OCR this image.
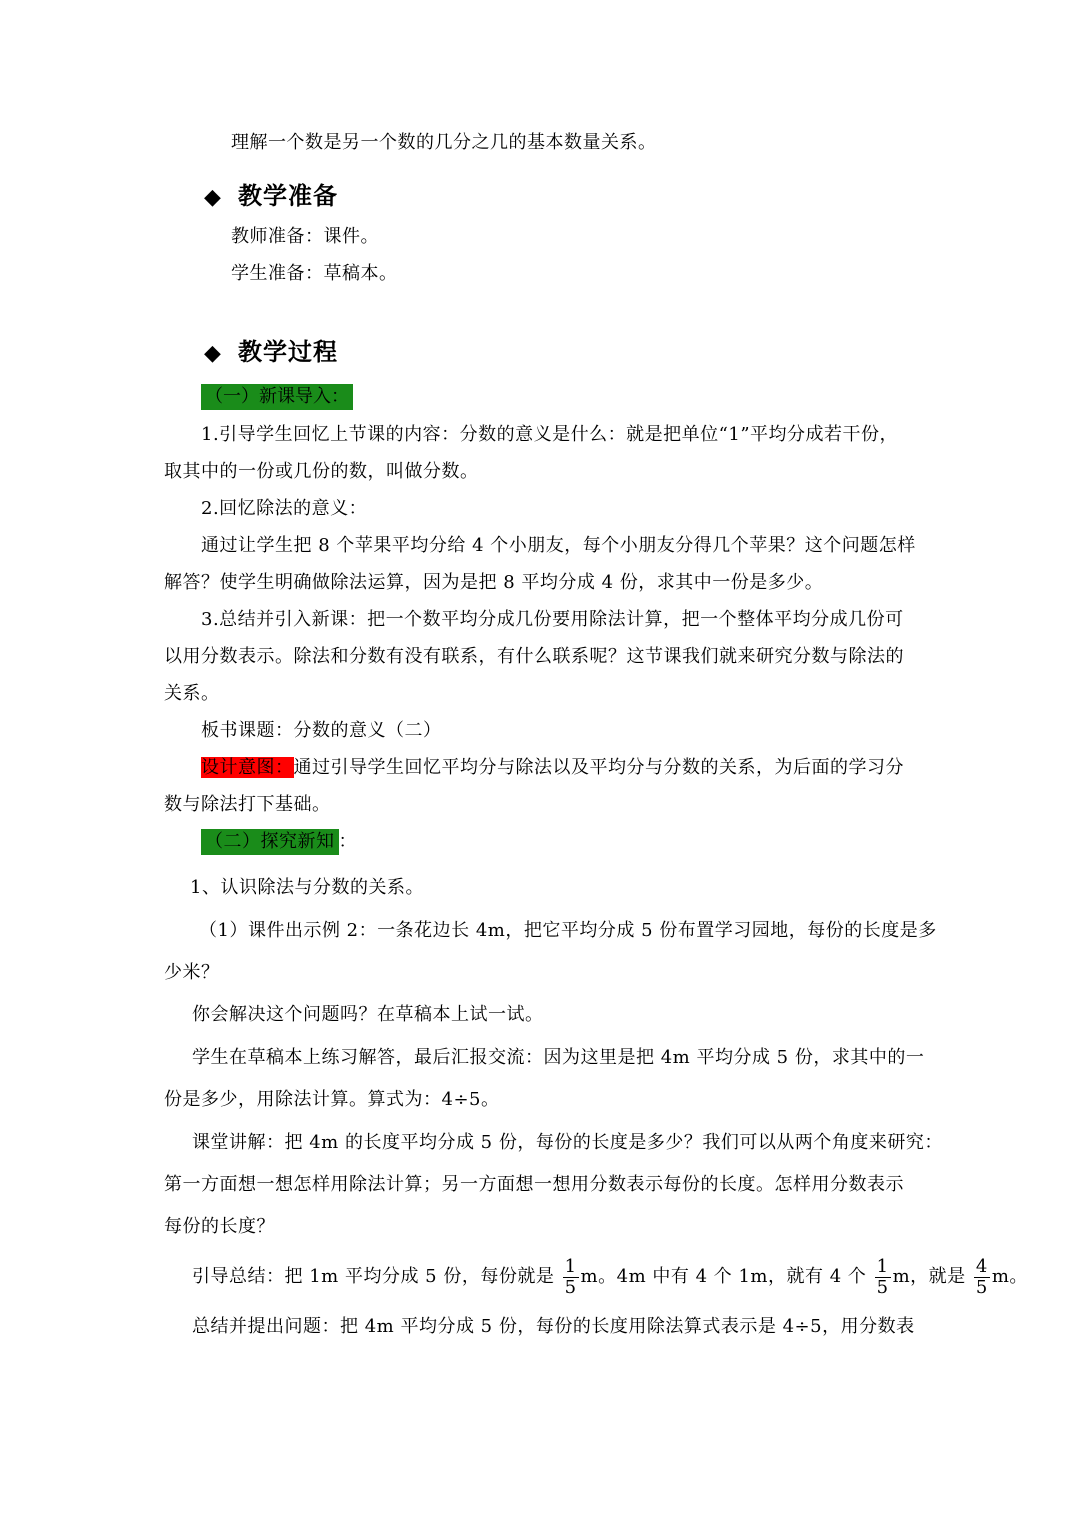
理解一个数是另一个数的几分之几的基本数量关系。
◆ 教学准备
教师准备：课件。
学生准备：草稿本。
◆ 教学过程
（一）新课导入：
1.引导学生回忆上节课的内容：分数的意义是什么：就是把单位“1”平均分成若干份，
取其中的一份或几份的数，叫做分数。
2.回忆除法的意义：
通过让学生把 8 个苹果平均分给 4 个小朋友，每个小朋友分得几个苹果？这个问题怎样
解答？使学生明确做除法运算，因为是把 8 平均分成 4 份，求其中一份是多少。
3.总结并引入新课：把一个数平均分成几份要用除法计算，把一个整体平均分成几份可
以用分数表示。除法和分数有没有联系，有什么联系呢？这节课我们就来研究分数与除法的
关系。
板书课题：分数的意义（二）
设计意图：通过引导学生回忆平均分与除法以及平均分与分数的关系，为后面的学习分
数与除法打下基础。
（二）探究新知 ：
1、认识除法与分数的关系。
（1）课件出示例 2：一条花边长 4m，把它平均分成 5 份布置学习园地，每份的长度是多
少米？
你会解决这个问题吗？在草稿本上试一试。
学生在草稿本上练习解答，最后汇报交流：因为这里是把 4m 平均分成 5 份，求其中的一
份是多少，用除法计算。算式为：4÷5。
课堂讲解：把 4m 的长度平均分成 5 份，每份的长度是多少？我们可以从两个角度来研究：
第一方面想一想怎样用除法计算；另一方面想一想用分数表示每份的长度。怎样用分数表示
每份的长度？
引导总结：把 1m 平均分成 5 份，每份就是 $\frac{1}{5}$ m。4m 中有 4 个 1m，就有 4 个 $\frac{1}{5}$ m，就是 $\frac{4}{5}$ m。
总结并提出问题：把 4m 平均分成 5 份，每份的长度用除法算式表示是 4÷5，用分数表
